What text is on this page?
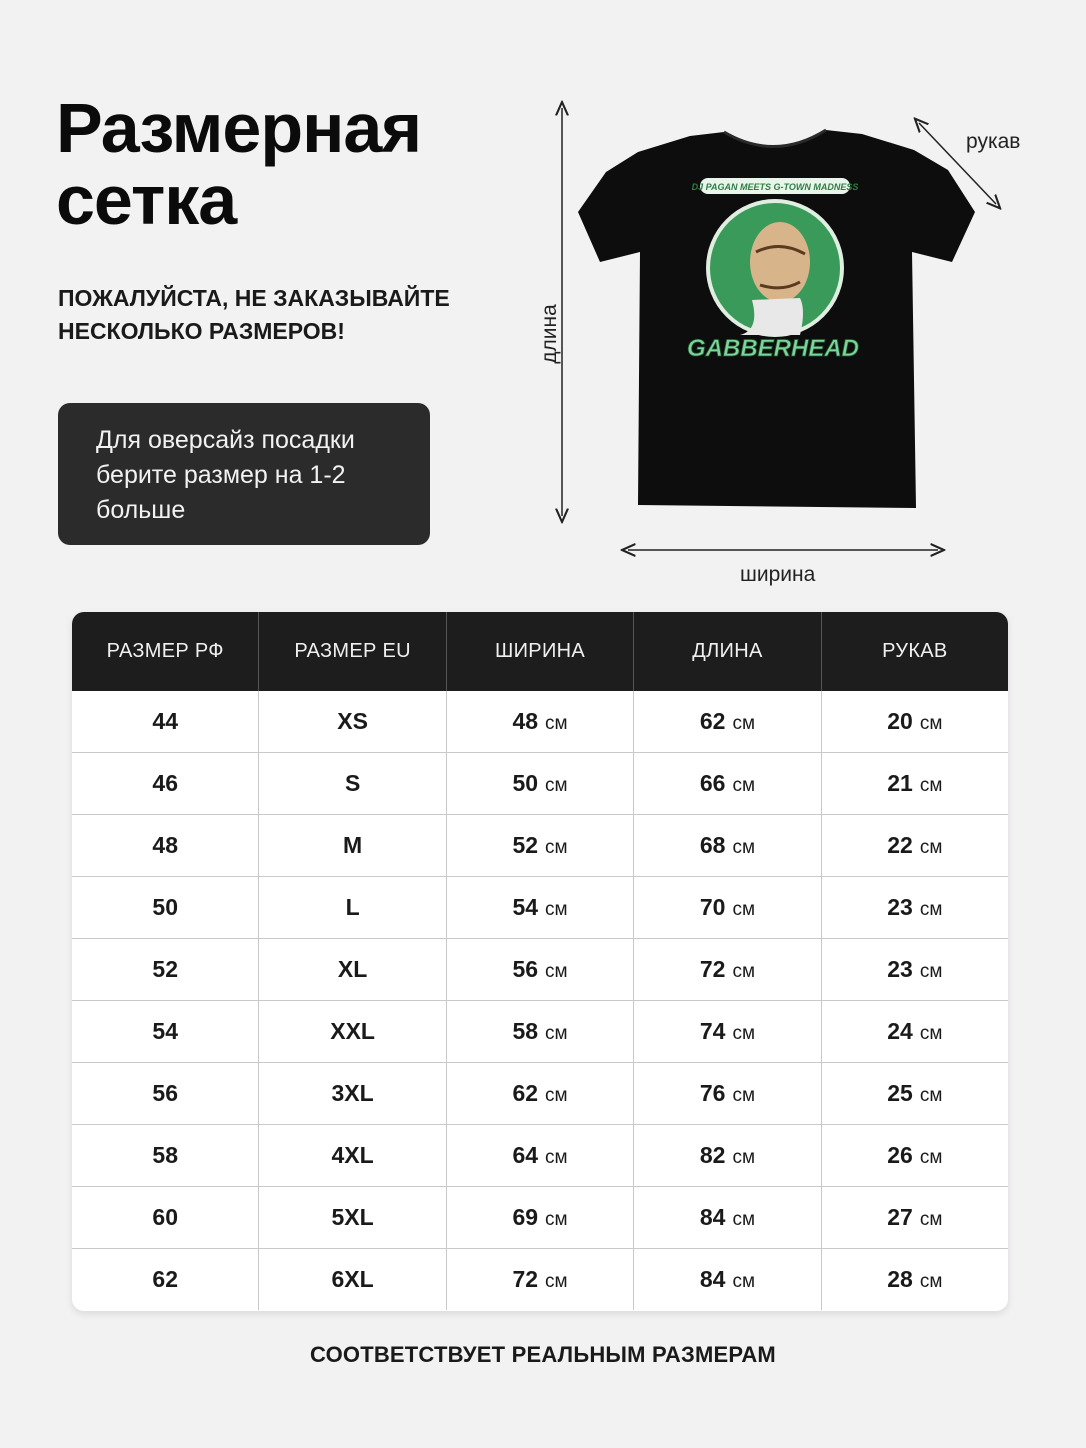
Размерная
сетка
ПОЖАЛУЙСТА, НЕ ЗАКАЗЫВАЙТЕ
НЕСКОЛЬКО РАЗМЕРОВ!
Для оверсайз посадки
берите размер на 1-2
больше
DJ PAGAN MEETS G-TOWN MADNESS
GABBERHEAD
длина
ширина
рукав
РАЗМЕР РФ	РАЗМЕР EU	ШИРИНА	ДЛИНА	РУКАВ
44	XS	48 см	62 см	20 см
46	S	50 см	66 см	21 см
48	M	52 см	68 см	22 см
50	L	54 см	70 см	23 см
52	XL	56 см	72 см	23 см
54	XXL	58 см	74 см	24 см
56	3XL	62 см	76 см	25 см
58	4XL	64 см	82 см	26 см
60	5XL	69 см	84 см	27 см
62	6XL	72 см	84 см	28 см
СООТВЕТСТВУЕТ РЕАЛЬНЫМ РАЗМЕРАМ
